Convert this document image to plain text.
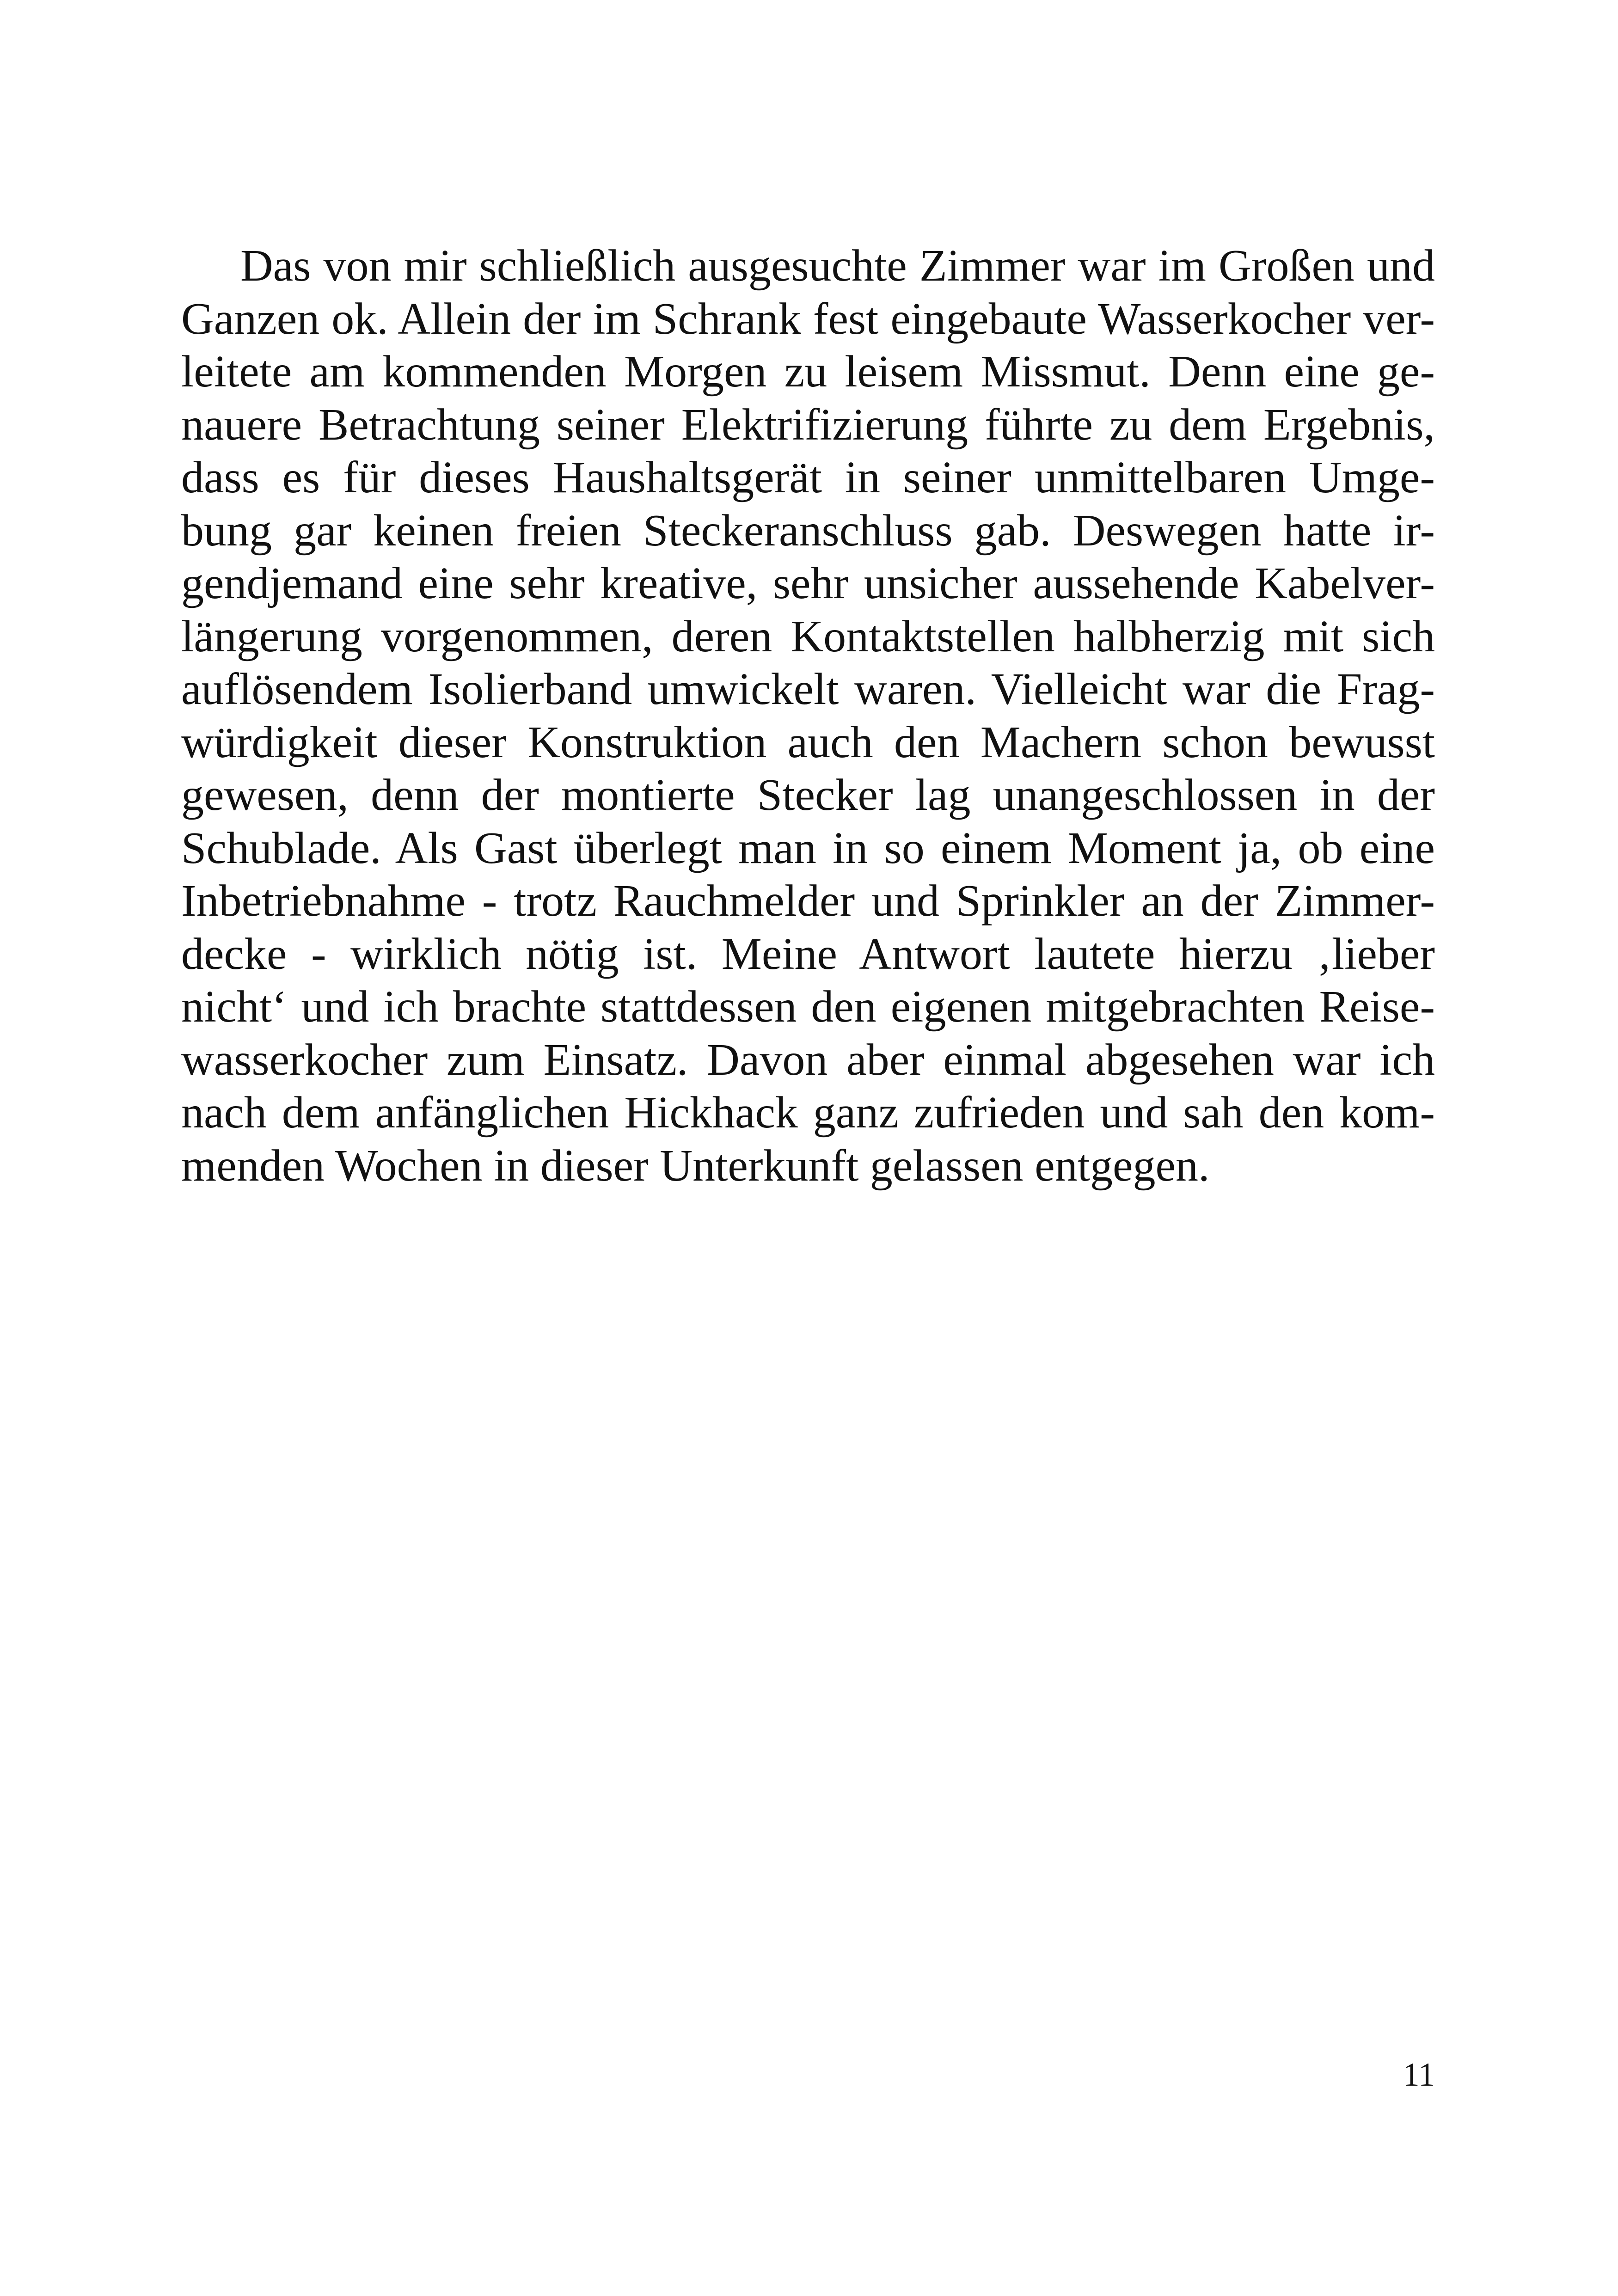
Das von mir schließlich ausgesuchte Zimmer war im Großen und
Ganzen ok. Allein der im Schrank fest eingebaute Wasserkocher ver-
leitete am kommenden Morgen zu leisem Missmut. Denn eine ge-
nauere Betrachtung seiner Elektrifizierung führte zu dem Ergebnis,
dass es für dieses Haushaltsgerät in seiner unmittelbaren Umge-
bung gar keinen freien Steckeranschluss gab. Deswegen hatte ir-
gendjemand eine sehr kreative, sehr unsicher aussehende Kabelver-
längerung vorgenommen, deren Kontaktstellen halbherzig mit sich
auflösendem Isolierband umwickelt waren. Vielleicht war die Frag-
würdigkeit dieser Konstruktion auch den Machern schon bewusst
gewesen, denn der montierte Stecker lag unangeschlossen in der
Schublade. Als Gast überlegt man in so einem Moment ja, ob eine
Inbetriebnahme - trotz Rauchmelder und Sprinkler an der Zimmer-
decke - wirklich nötig ist. Meine Antwort lautete hierzu ‚lieber
nicht‘ und ich brachte stattdessen den eigenen mitgebrachten Reise-
wasserkocher zum Einsatz. Davon aber einmal abgesehen war ich
nach dem anfänglichen Hickhack ganz zufrieden und sah den kom-
menden Wochen in dieser Unterkunft gelassen entgegen.

11
